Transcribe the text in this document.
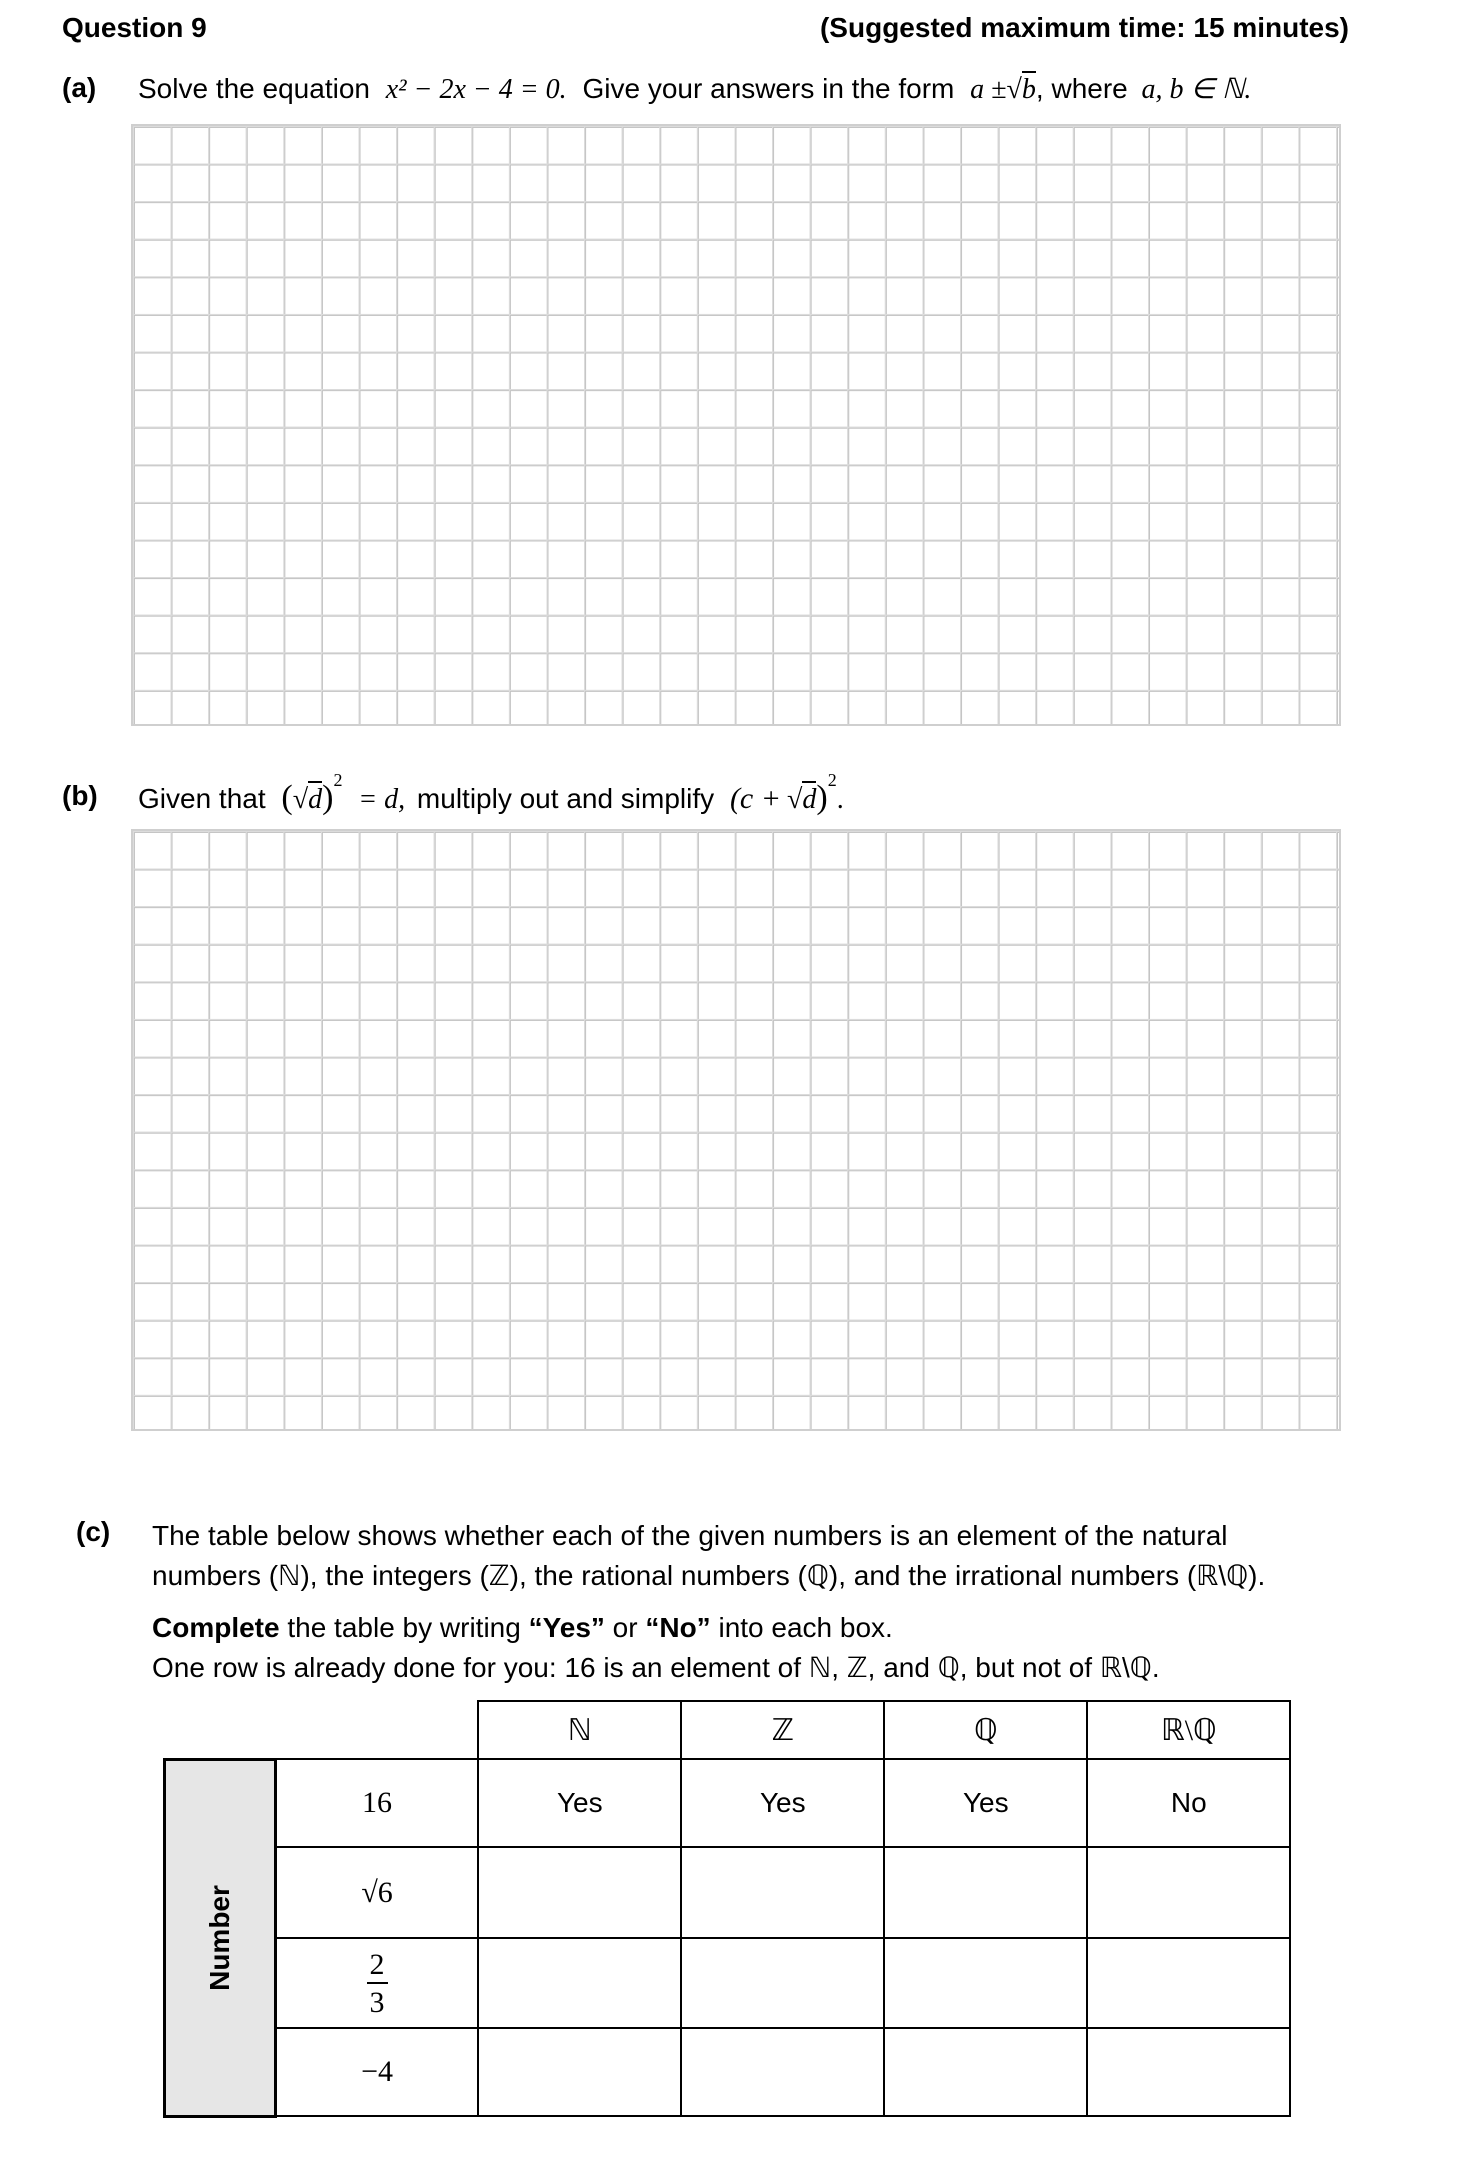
Question 9	(Suggested maximum time: 15 minutes)
(a) Solve the equation x² − 2x − 4 = 0. Give your answers in the form a ±√b, where a, b ∈ ℕ.
(b) Given that $(√d)^2 = d$, multiply out and simplify $(c + √d)^2$.
(c) The table below shows whether each of the given numbers is an element of the natural
numbers (ℕ), the integers (ℤ), the rational numbers (ℚ), and the irrational numbers (ℝ\ℚ).
Complete the table by writing “Yes” or “No” into each box.
One row is already done for you: 16 is an element of ℕ, ℤ, and ℚ, but not of ℝ\ℚ.
		ℕ	ℤ	ℚ	ℝ\ℚ
Number	16	Yes	Yes	Yes	No
	√6				

	$\frac{2}{3}$

	−4				
